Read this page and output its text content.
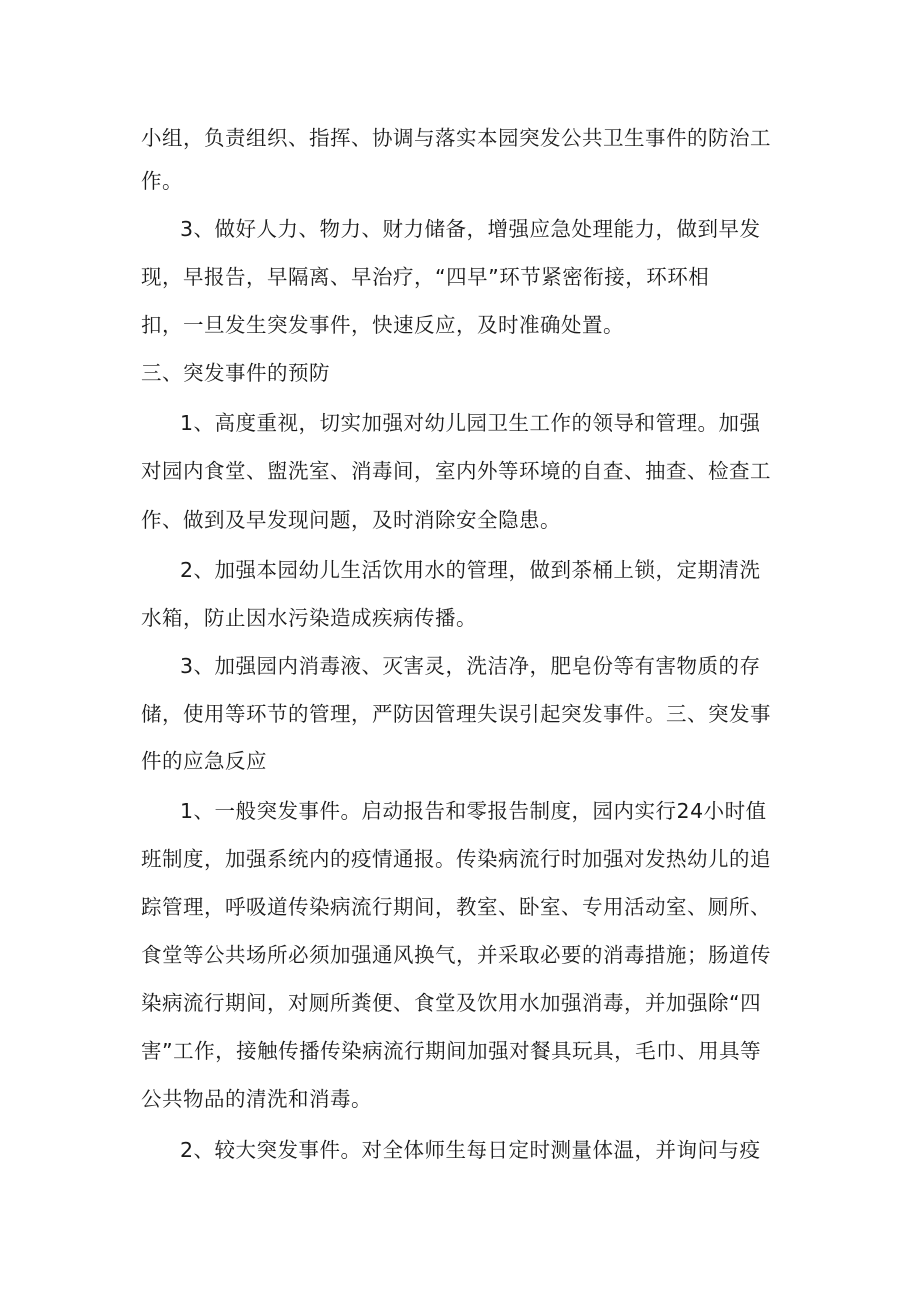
小组，负责组织、指挥、协调与落实本园突发公共卫生事件的防治工
作。
3、做好人力、物力、财力储备，增强应急处理能力，做到早发
现，早报告，早隔离、早治疗，“四早”环节紧密衔接，环环相
扣，一旦发生突发事件，快速反应，及时准确处置。
三、突发事件的预防
1、高度重视，切实加强对幼儿园卫生工作的领导和管理。加强
对园内食堂、盥洗室、消毒间，室内外等环境的自查、抽查、检查工
作、做到及早发现问题，及时消除安全隐患。
2、加强本园幼儿生活饮用水的管理，做到茶桶上锁，定期清洗
水箱，防止因水污染造成疾病传播。
3、加强园内消毒液、灭害灵，洗洁净，肥皂份等有害物质的存
储，使用等环节的管理，严防因管理失误引起突发事件。三、突发事
件的应急反应
1、一般突发事件。启动报告和零报告制度，园内实行24小时值
班制度，加强系统内的疫情通报。传染病流行时加强对发热幼儿的追
踪管理，呼吸道传染病流行期间，教室、卧室、专用活动室、厕所、
食堂等公共场所必须加强通风换气，并采取必要的消毒措施；肠道传
染病流行期间，对厕所粪便、食堂及饮用水加强消毒，并加强除“四
害”工作，接触传播传染病流行期间加强对餐具玩具，毛巾、用具等
公共物品的清洗和消毒。
2、较大突发事件。对全体师生每日定时测量体温，并询问与疫
